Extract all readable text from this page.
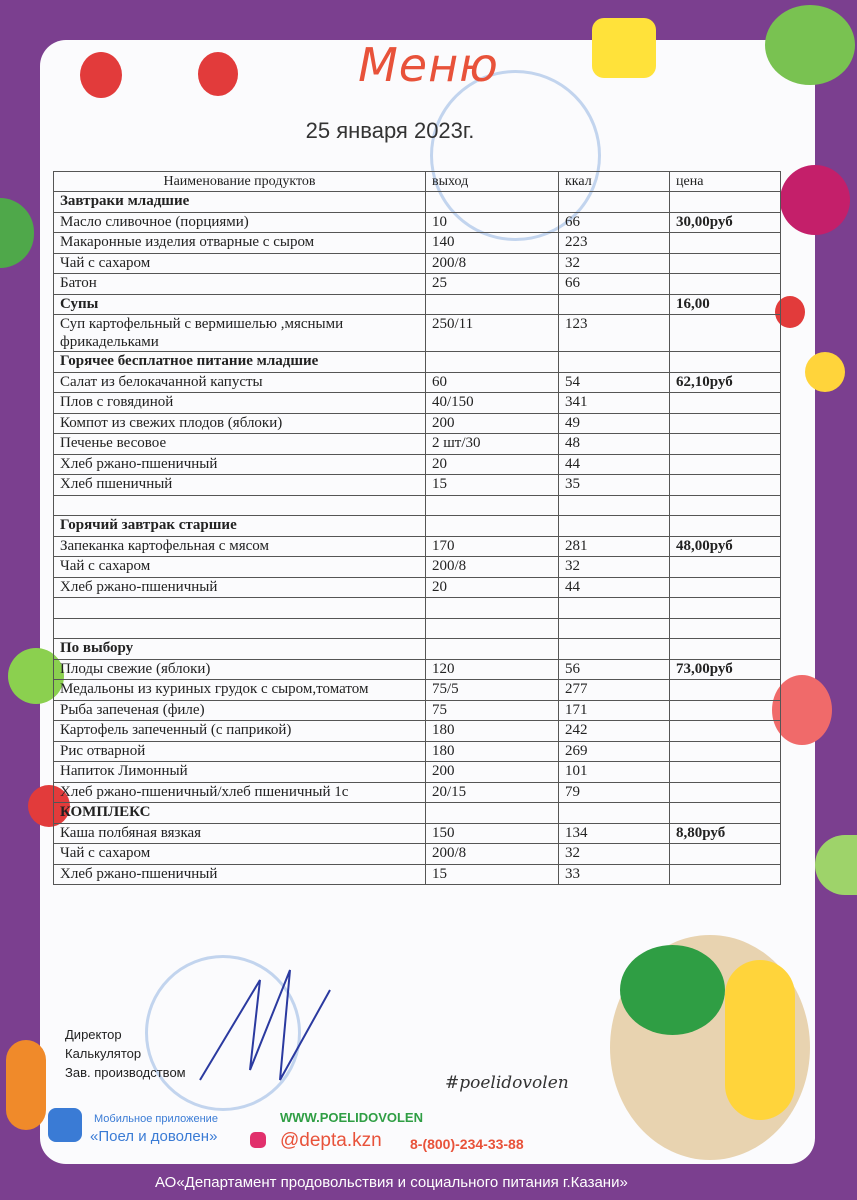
Меню
25 января 2023г.
Наименование продуктов	выход	ккал	цена
Завтраки младшие			
Масло сливочное (порциями)	10	66	30,00руб
Макаронные изделия отварные с сыром	140	223	
Чай с сахаром	200/8	32	
Батон	25	66	
Супы			16,00
Суп картофельный с вермишелью ,мясными фрикадельками	250/11	123	
Горячее бесплатное питание младшие			
Салат из белокачанной капусты	60	54	62,10руб
Плов с говядиной	40/150	341	
Компот из свежих плодов (яблоки)	200	49	
Печенье весовое	2 шт/30	48	
Хлеб ржано-пшеничный	20	44	
Хлеб пшеничный	15	35	

Горячий завтрак старшие			
Запеканка картофельная с мясом	170	281	48,00руб
Чай с сахаром	200/8	32	
Хлеб ржано-пшеничный	20	44	

По выбору			
Плоды свежие (яблоки)	120	56	73,00руб
Медальоны из куриных грудок с сыром,томатом	75/5	277	
Рыба запеченая (филе)	75	171	
Картофель запеченный (с паприкой)	180	242	
Рис отварной	180	269	
Напиток Лимонный	200	101	
Хлеб ржано-пшеничный/хлеб пшеничный 1с	20/15	79	
КОМПЛЕКС			
Каша полбяная вязкая	150	134	8,80руб
Чай с сахаром	200/8	32	
Хлеб ржано-пшеничный	15	33	
Директор
Калькулятор
Зав. производством
#poelidovolen
Мобильное приложение
«Поел и доволен»
WWW.POELIDOVOLEN
@depta.kzn 8-(800)-234-33-88
АО«Департамент продовольствия и социального питания г.Казани»
